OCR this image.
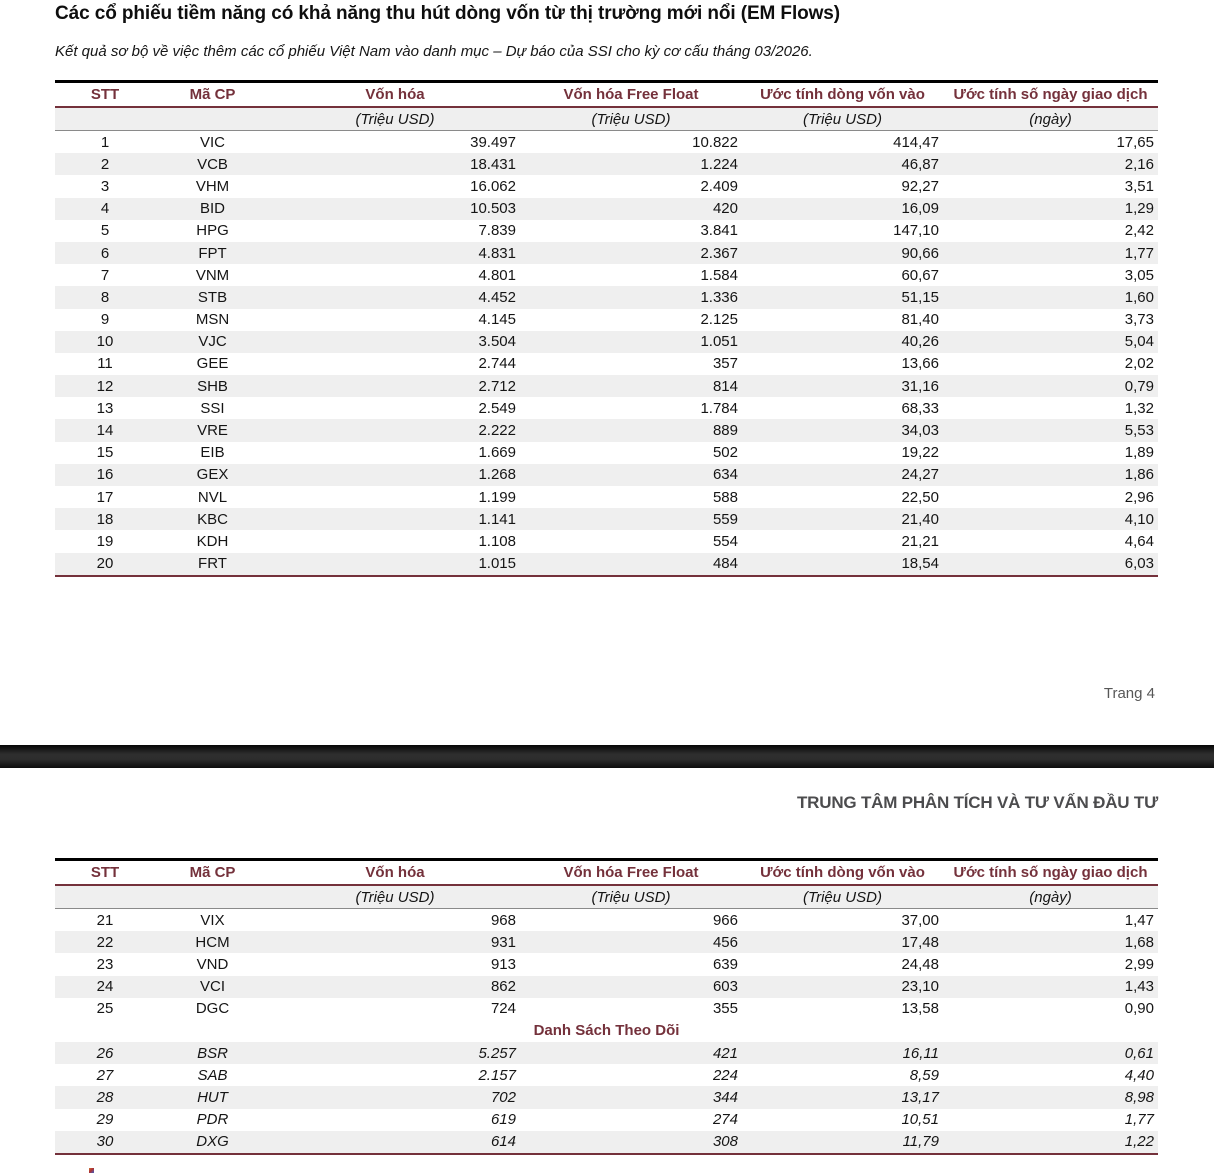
Các cổ phiếu tiềm năng có khả năng thu hút dòng vốn từ thị trường mới nổi (EM Flows)
Kết quả sơ bộ về việc thêm các cổ phiếu Việt Nam vào danh mục – Dự báo của SSI cho kỳ cơ cấu tháng 03/2026.
STT	Mã CP	Vốn hóa	Vốn hóa Free Float	Ước tính dòng vốn vào	Ước tính số ngày giao dịch
		(Triệu USD)	(Triệu USD)	(Triệu USD)	(ngày)
1	VIC	39.497	10.822	414,47	17,65
2	VCB	18.431	1.224	46,87	2,16
3	VHM	16.062	2.409	92,27	3,51
4	BID	10.503	420	16,09	1,29
5	HPG	7.839	3.841	147,10	2,42
6	FPT	4.831	2.367	90,66	1,77
7	VNM	4.801	1.584	60,67	3,05
8	STB	4.452	1.336	51,15	1,60
9	MSN	4.145	2.125	81,40	3,73
10	VJC	3.504	1.051	40,26	5,04
11	GEE	2.744	357	13,66	2,02
12	SHB	2.712	814	31,16	0,79
13	SSI	2.549	1.784	68,33	1,32
14	VRE	2.222	889	34,03	5,53
15	EIB	1.669	502	19,22	1,89
16	GEX	1.268	634	24,27	1,86
17	NVL	1.199	588	22,50	2,96
18	KBC	1.141	559	21,40	4,10
19	KDH	1.108	554	21,21	4,64
20	FRT	1.015	484	18,54	6,03
Trang 4
TRUNG TÂM PHÂN TÍCH VÀ TƯ VẤN ĐẦU TƯ
STT	Mã CP	Vốn hóa	Vốn hóa Free Float	Ước tính dòng vốn vào	Ước tính số ngày giao dịch
		(Triệu USD)	(Triệu USD)	(Triệu USD)	(ngày)
21	VIX	968	966	37,00	1,47
22	HCM	931	456	17,48	1,68
23	VND	913	639	24,48	2,99
24	VCI	862	603	23,10	1,43
25	DGC	724	355	13,58	0,90
Danh Sách Theo Dõi					
26	BSR	5.257	421	16,11	0,61
27	SAB	2.157	224	8,59	4,40
28	HUT	702	344	13,17	8,98
29	PDR	619	274	10,51	1,77
30	DXG	614	308	11,79	1,22
